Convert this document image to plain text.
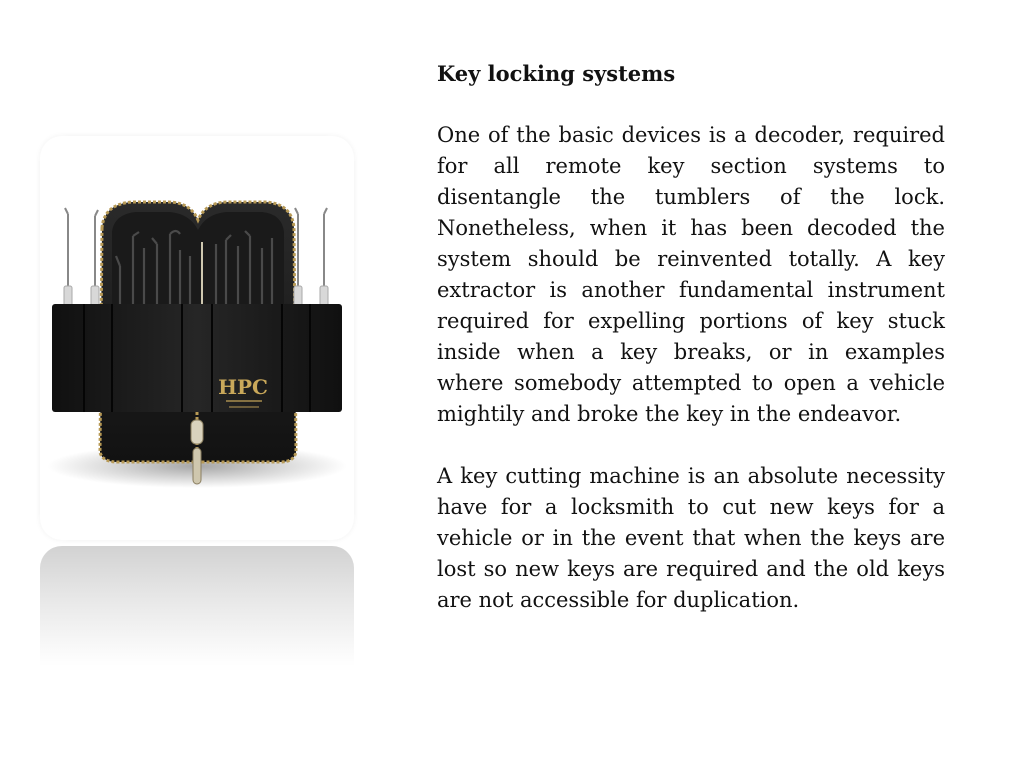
HPC

Key locking systems

One of the basic devices is a decoder, required for all remote key section systems to disentangle the tumblers of the lock. Nonetheless, when it has been decoded the system should be reinvented totally. A key extractor is another fundamental instrument required for expelling portions of key stuck inside when a key breaks, or in examples where somebody attempted to open a vehicle mightily and broke the key in the endeavor.

A key cutting machine is an absolute necessity have for a locksmith to cut new keys for a vehicle or in the event that when the keys are lost so new keys are required and the old keys are not accessible for duplication.
